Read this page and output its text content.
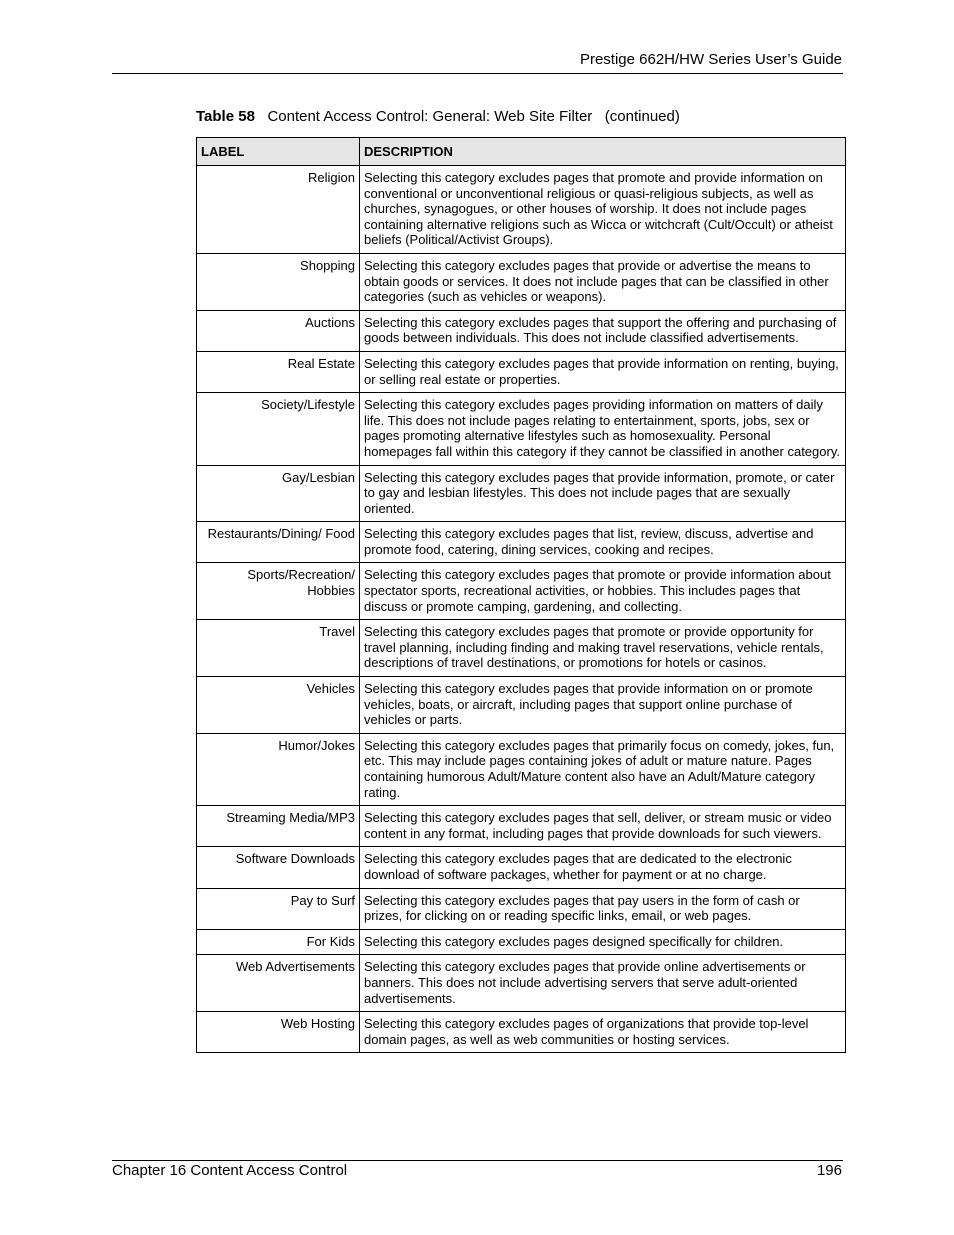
Prestige 662H/HW Series User’s Guide
Table 58 Content Access Control: General: Web Site Filter   (continued)
LABEL	DESCRIPTION
Religion	Selecting this category excludes pages that promote and provide information on conventional or unconventional religious or quasi-religious subjects, as well as churches, synagogues, or other houses of worship. It does not include pages containing alternative religions such as Wicca or witchcraft (Cult/Occult) or atheist beliefs (Political/Activist Groups).
Shopping	Selecting this category excludes pages that provide or advertise the means to obtain goods or services. It does not include pages that can be classified in other categories (such as vehicles or weapons).
Auctions	Selecting this category excludes pages that support the offering and purchasing of goods between individuals. This does not include classified advertisements.
Real Estate	Selecting this category excludes pages that provide information on renting, buying, or selling real estate or properties.
Society/Lifestyle	Selecting this category excludes pages providing information on matters of daily life. This does not include pages relating to entertainment, sports, jobs, sex or pages promoting alternative lifestyles such as homosexuality. Personal homepages fall within this category if they cannot be classified in another category.
Gay/Lesbian	Selecting this category excludes pages that provide information, promote, or cater to gay and lesbian lifestyles. This does not include pages that are sexually oriented.
Restaurants/Dining/ Food	Selecting this category excludes pages that list, review, discuss, advertise and promote food, catering, dining services, cooking and recipes.
Sports/Recreation/ Hobbies	Selecting this category excludes pages that promote or provide information about spectator sports, recreational activities, or hobbies. This includes pages that discuss or promote camping, gardening, and collecting.
Travel	Selecting this category excludes pages that promote or provide opportunity for travel planning, including finding and making travel reservations, vehicle rentals, descriptions of travel destinations, or promotions for hotels or casinos.
Vehicles	Selecting this category excludes pages that provide information on or promote vehicles, boats, or aircraft, including pages that support online purchase of vehicles or parts.
Humor/Jokes	Selecting this category excludes pages that primarily focus on comedy, jokes, fun, etc. This may include pages containing jokes of adult or mature nature. Pages containing humorous Adult/Mature content also have an Adult/Mature category rating.
Streaming Media/MP3	Selecting this category excludes pages that sell, deliver, or stream music or video content in any format, including pages that provide downloads for such viewers.
Software Downloads	Selecting this category excludes pages that are dedicated to the electronic download of software packages, whether for payment or at no charge.
Pay to Surf	Selecting this category excludes pages that pay users in the form of cash or prizes, for clicking on or reading specific links, email, or web pages.
For Kids	Selecting this category excludes pages designed specifically for children.
Web Advertisements	Selecting this category excludes pages that provide online advertisements or banners. This does not include advertising servers that serve adult-oriented advertisements.
Web Hosting	Selecting this category excludes pages of organizations that provide top-level domain pages, as well as web communities or hosting services.
Chapter 16 Content Access Control	196
